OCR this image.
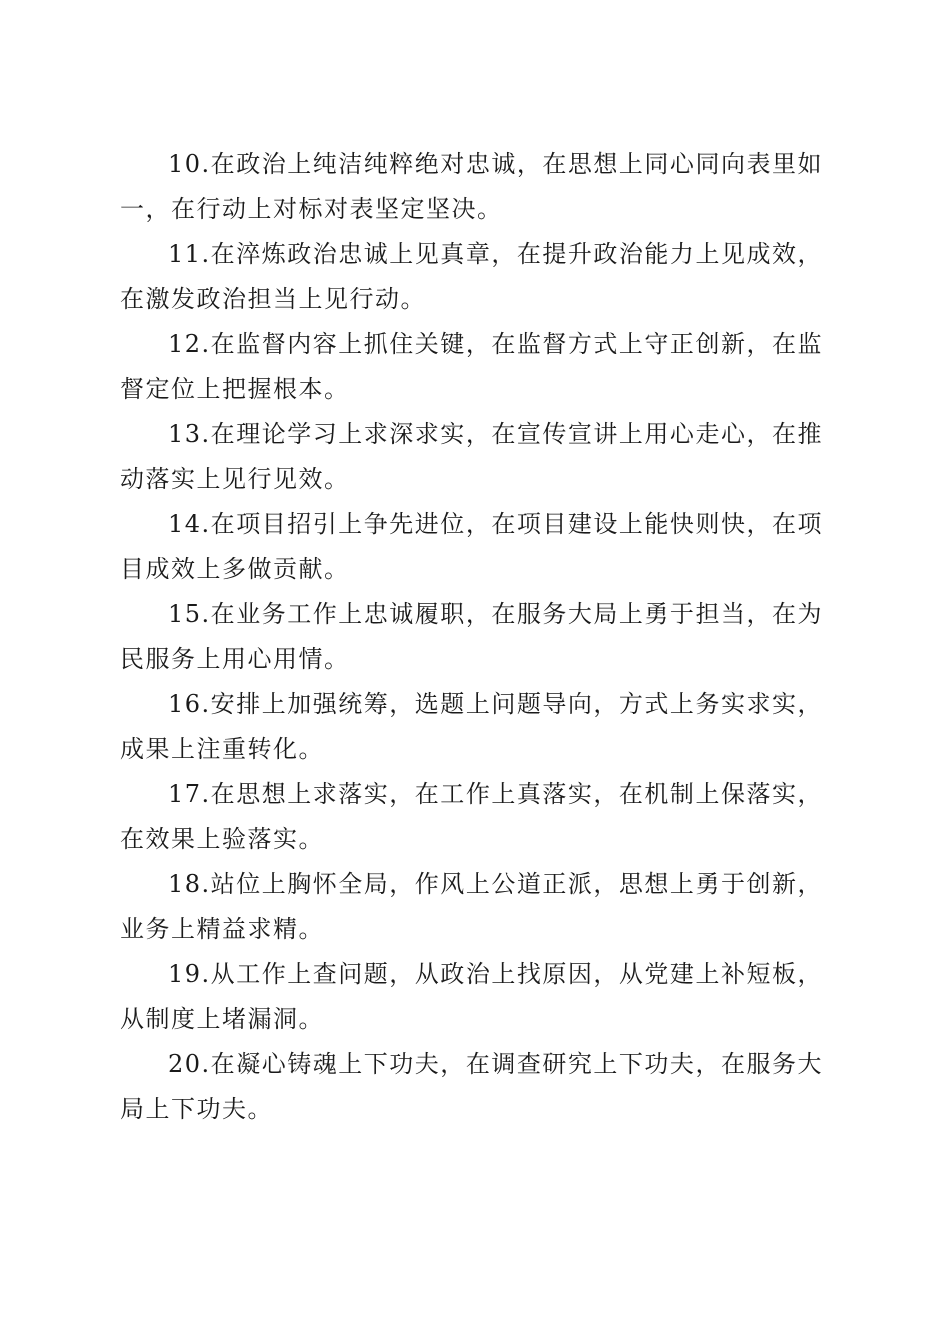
10.在政治上纯洁纯粹绝对忠诚，在思想上同心同向表里如一，在行动上对标对表坚定坚决。

11.在淬炼政治忠诚上见真章，在提升政治能力上见成效，在激发政治担当上见行动。

12.在监督内容上抓住关键，在监督方式上守正创新，在监督定位上把握根本。

13.在理论学习上求深求实，在宣传宣讲上用心走心，在推动落实上见行见效。

14.在项目招引上争先进位，在项目建设上能快则快，在项目成效上多做贡献。

15.在业务工作上忠诚履职，在服务大局上勇于担当，在为民服务上用心用情。

16.安排上加强统筹，选题上问题导向，方式上务实求实，成果上注重转化。

17.在思想上求落实，在工作上真落实，在机制上保落实，在效果上验落实。

18.站位上胸怀全局，作风上公道正派，思想上勇于创新，业务上精益求精。

19.从工作上查问题，从政治上找原因，从党建上补短板，从制度上堵漏洞。

20.在凝心铸魂上下功夫，在调查研究上下功夫，在服务大局上下功夫。
